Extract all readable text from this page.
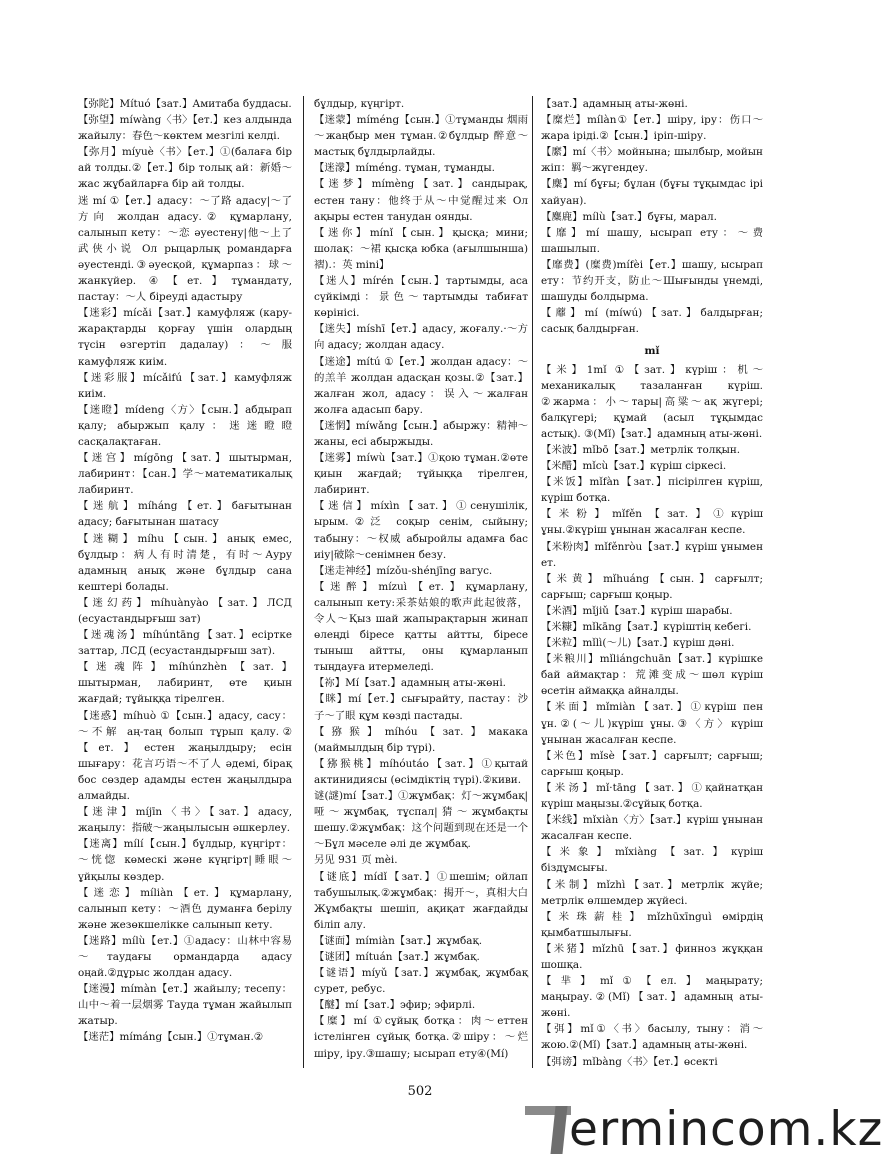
【弥陀】Mítuó【зат.】Амитаба буддасы.

【弥望】míwàng〈书〉【ет.】кез алдында жайылу：春色～көктем мезгілі келді.

【弥月】míyuè〈书〉【ет.】①(балаға бір ай толды.②【ет.】бір толық ай：新婚～жас жұбайларға бір ай толды.

迷 mí ①【ет.】адасу：～了路 адасу|～了方向 жолдан адасу.② құмарлану, салынып кету：～恋 әуестену|他～上了武侠小说 Ол рыцарлық романдарға әуестенді.③әуесқой, құмарпаз：球～жанкүйер. ④【ет.】тұмандату, пастау：～人 біреуді адастыру

【迷彩】mícǎi【зат.】камуфляж (карy-жарақтарды қорғау үшін олардың түсін өзгертіп дадалау)：～服 камуфляж киім.

【迷彩服】mícǎifú【зат.】камуфляж киім.

【迷瞪】mídeng〈方〉【сын.】абдырап қалу; абыржып қалу：迷迷瞪瞪 сасқалақтаған.

【迷宫】mígōng【зат.】шытырман, лабиринт：【сан.】学～математикалық лабиринт.

【迷航】míháng【ет.】бағытынан адасу; бағытынан шатасу

【迷糊】míhu【сын.】анық емес, бұлдыр：病人有时清楚，有时～Ауру адамның анық және бұлдыр сана кештері болады.

【迷幻药】míhuànyào【зат.】ЛСД (есуастандырғыш зат)

【迷魂汤】míhúntāng【зат.】есіртке заттар, ЛСД (есуастандырғыш зат).

【迷魂阵】míhúnzhèn【зат.】шытырман, лабиринт, өте қиын жағдай; тұйыққа тірелген.

【迷惑】míhuò ①【сын.】адасу, сасу：～不解 аң-таң болып тұрып қалу.②【ет.】естен жаңылдыру; есін шығару：花言巧语～不了人 әдемі, бірақ бос сөздер адамды естен жаңылдыра алмайды.

【迷津】míjīn〈书〉【зат.】адасу, жаңылу：指破～жаңылысын әшкерлеу.

【迷离】mílí【сын.】бұлдыр, күңгірт：～恍惚 көмескі және күңгірт|睡眼～ұйқылы көздер.

【迷恋】míliàn【ет.】құмарлану, салынып кету：～酒色 думанға берілу және жезөкшелікке салынып кету.

【迷路】mílù【ет.】①адасу：山林中容易～таудағы ормандарда адасу оңай.②дұрыс жолдан адасу.

【迷漫】mímàn【ет.】жайылу; тесепу：山中～着一层烟雾 Тауда тұман жайылып жатыр.

【迷茫】mímáng【сын.】①тұман.②

бұлдыр, күңгірт.

【迷蒙】míméng【сын.】①тұманды 烟雨～жаңбыр мен тұман.②бұлдыр 醉意～мастық бұлдырлайды.

【迷濛】míméng. тұман, тұманды.

【迷梦】mímèng【зат.】сандырақ, естен тану：他终于从～中觉醒过来 Ол ақыры естен танудан оянды.

【迷你】mínǐ【сын.】қысқа; мини; шолақ：～裙 қысқа юбка (ағылшынша) 褶).：英 mini】

【迷人】mírén【сын.】тартымды, аса сүйкімді：景色～тартымды табиғат көрінісі.

【迷失】míshī【ет.】адасу, жоғалу.·～方向 адасу; жолдан адасу.

【迷途】mítú ①【ет.】жолдан адасу：～的羔羊 жолдан адасқан қозы.②【зат.】жалған жол, адасу：误入～жалған жолға адасып бару.

【迷惘】míwǎng【сын.】абыржу：精神～жаны, есі абыржыды.

【迷雾】míwù【зат.】①қою тұман.②өте қиын жағдай; тұйыққа тірелген, лабиринт.

【迷信】míxìn【зат.】①сенушілік, ырым.②泛 соқыр сенім, сыйыну; табыну：～权威 абыройлы адамға бас иіу|破除～сенімнен безу.

【迷走神经】mízǒu-shénjīng вагус.

【迷醉】mízuì【ет.】құмарлану, салынып кету:采茶姑娘的歌声此起彼落，令人～Қыз шай жапырақтарын жинап өлеңді біресе қатты айтты, біресе тыныш айтты, оны құмарланып тыңдауға итермеледі.

【祢】Mí【зат.】адамның аты-жөні.

【眯】mí【ет.】сығырайту, пастау：沙子～了眼 құм көзді пастады.

【猕猴】míhóu【зат.】макака (маймылдың бір түрі).

【猕猴桃】míhóutáo【зат.】①қытай актинидиясы (өсімдіктің түрі).②киви.

谜(謎)mí【зат.】①жұмбақ：灯～жұмбақ|哑～жұмбақ, тұспал|猜～жұмбақты шешу.②жұмбақ：这个问题到现在还是一个～Бұл мәселе әлі де жұмбақ.

另见 931 页 mèi.

【谜底】mídǐ【зат.】①шешім; ойлап табушылық.②жұмбақ：揭开～，真相大白 Жұмбақты шешіп, ақиқат жағдайды біліп алу.

【谜面】mímiàn【зат.】жұмбақ.

【谜团】mítuán【зат.】жұмбақ.

【谜语】míyǔ【зат.】жұмбақ, жұмбақ сурет, ребус.

【醚】mí【зат.】эфир; эфирлі.

【糜】mí ①сұйық ботқа：肉～еттен істелінген сұйық ботқа.②шіру：～烂 шіру, іру.③шашу; ысырап ету④(Mí)

【зат.】адамның аты-жөні.

【糜烂】mílàn①【ет.】шіру, іру：伤口～жара іріді.②【сын.】іріп-шіру.

【縻】mí〈书〉мойнына; шылбыр, мойын жіп：羁～жүгендеу.

【麋】mí бұғы; бұлан (бұғы тұқымдас ірі хайуан).

【麋鹿】mílù【зат.】бұғы, марал.

【靡】mí шашу, ысырап ету：～费 шашылып.

【靡费】(糜费)mífèi【ет.】шашу, ысырап ету：节约开支，防止～Шығынды үнемді, шашуды болдырма.

【蘼】mí (míwú)【зат.】балдырған; сасық балдырған.

mǐ

【米】1mǐ ①【зат.】күріш：机～механикалық тазаланған күріш. ②жарма：小～тары|高粱～ақ жүгері; балқүгері; құмай (асыл тұқымдас астық). ③(Mǐ)【зат.】адамның аты-жөні.

【米波】mǐbō【зат.】метрлік толқын.

【米醋】mǐcù【зат.】күріш сіркесі.

【米饭】mǐfàn【зат.】пісірілген күріш, күріш ботқа.

【米粉】mǐfěn【зат.】①күріш ұны.②күріш ұнынан жасалған кеспе.

【米粉肉】mǐfěnròu【зат.】күріш ұнымен ет.

【米黄】mǐhuáng【сын.】сарғылт; сарғыш; сарғыш қоңыр.

【米酒】mǐjiǔ【зат.】күріш шарабы.

【米糠】mǐkāng【зат.】күріштің кебегі.

【米粒】mǐlì(～儿)【зат.】күріш дәні.

【米粮川】mǐliángchuān【зат.】күрішке бай аймақтар：荒滩变成～шөл күріш өсетін аймаққа айналды.

【米面】mǐmiàn【зат.】①күріш пен ұн.②(～儿)күріш ұны.③〈方〉күріш ұнынан жасалған кеспе.

【米色】mǐsè【зат.】сарғылт; сарғыш; сарғыш қоңыр.

【米汤】mǐ·tāng【зат.】①қайнатқан күріш маңызы.②сұйық ботқа.

【米线】mǐxiàn〈方〉【зат.】күріш ұнынан жасалған кеспе.

【米象】mǐxiàng【зат.】күріш біздұмсығы.

【米制】mǐzhì【зат.】метрлік жүйе; метрлік өлшемдер жүйесі.

【米珠薪桂】mǐzhūxīnguì өмірдің қымбатшылығы.

【米猪】mǐzhū【зат.】финноз жұққан шошқа.

【芈】mǐ①【ел.】маңырату; маңырау.②(Mǐ)【зат.】адамның аты-жөні.

【弭】mǐ①〈书〉басылу, тыну：消～жою.②(Mǐ)【зат.】адамның аты-жөні.

【弭谤】mǐbàng〈书〉【ет.】өсекті

502
ermincom.kz
